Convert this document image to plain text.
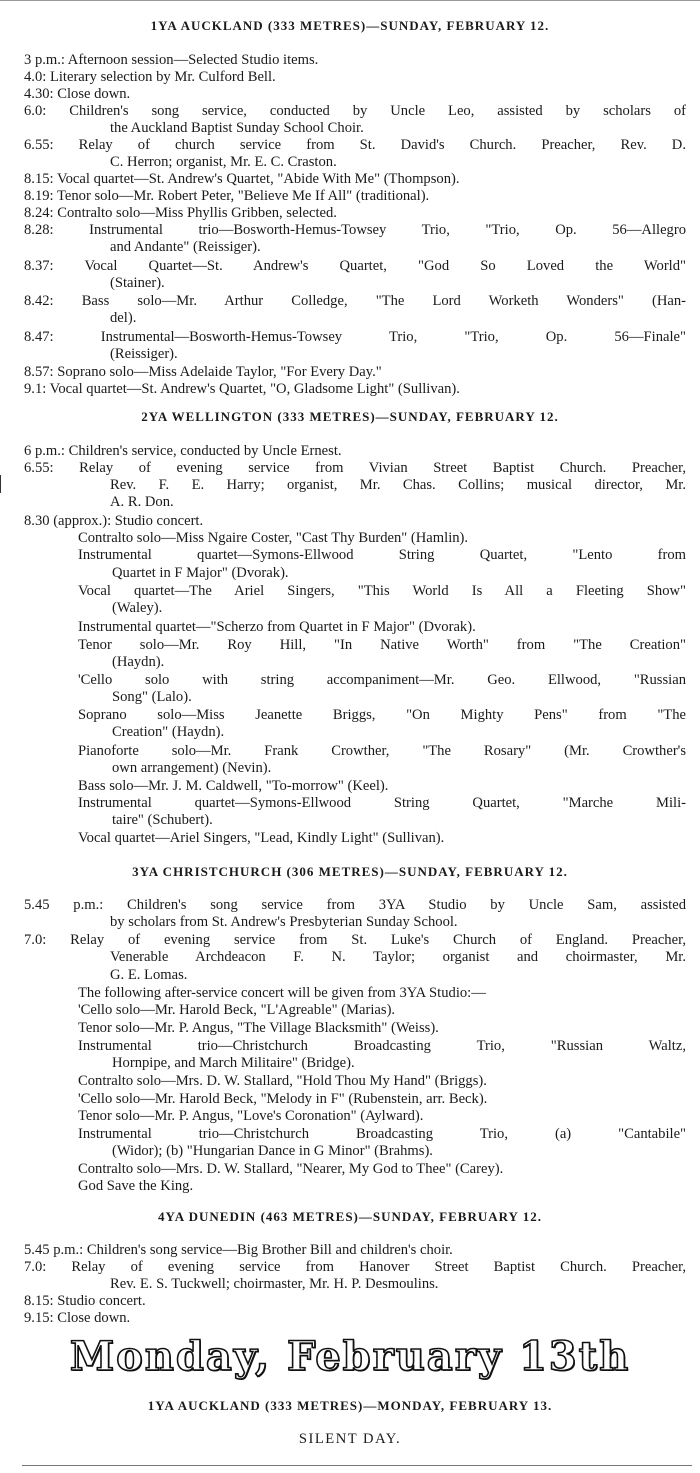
1YA AUCKLAND (333 METRES)—SUNDAY, FEBRUARY 12.
3 p.m.: Afternoon session—Selected Studio items.
4.0: Literary selection by Mr. Culford Bell.
4.30: Close down.
6.0: Children's song service, conducted by Uncle Leo, assisted by scholars of
the Auckland Baptist Sunday School Choir.
6.55: Relay of church service from St. David's Church. Preacher, Rev. D.
C. Herron; organist, Mr. E. C. Craston.
8.15: Vocal quartet—St. Andrew's Quartet, "Abide With Me" (Thompson).
8.19: Tenor solo—Mr. Robert Peter, "Believe Me If All" (traditional).
8.24: Contralto solo—Miss Phyllis Gribben, selected.
8.28: Instrumental trio—Bosworth-Hemus-Towsey Trio, "Trio, Op. 56—Allegro
and Andante" (Reissiger).
8.37: Vocal Quartet—St. Andrew's Quartet, "God So Loved the World"
(Stainer).
8.42: Bass solo—Mr. Arthur Colledge, "The Lord Worketh Wonders" (Han-
del).
8.47: Instrumental—Bosworth-Hemus-Towsey Trio, "Trio, Op. 56—Finale"
(Reissiger).
8.57: Soprano solo—Miss Adelaide Taylor, "For Every Day."
9.1: Vocal quartet—St. Andrew's Quartet, "O, Gladsome Light" (Sullivan).
2YA WELLINGTON (333 METRES)—SUNDAY, FEBRUARY 12.
6 p.m.: Children's service, conducted by Uncle Ernest.
6.55: Relay of evening service from Vivian Street Baptist Church. Preacher,
Rev. F. E. Harry; organist, Mr. Chas. Collins; musical director, Mr.
A. R. Don.
8.30 (approx.): Studio concert.
Contralto solo—Miss Ngaire Coster, "Cast Thy Burden" (Hamlin).
Instrumental quartet—Symons-Ellwood String Quartet, "Lento from
Quartet in F Major" (Dvorak).
Vocal quartet—The Ariel Singers, "This World Is All a Fleeting Show"
(Waley).
Instrumental quartet—"Scherzo from Quartet in F Major" (Dvorak).
Tenor solo—Mr. Roy Hill, "In Native Worth" from "The Creation"
(Haydn).
'Cello solo with string accompaniment—Mr. Geo. Ellwood, "Russian
Song" (Lalo).
Soprano solo—Miss Jeanette Briggs, "On Mighty Pens" from "The
Creation" (Haydn).
Pianoforte solo—Mr. Frank Crowther, "The Rosary" (Mr. Crowther's
own arrangement) (Nevin).
Bass solo—Mr. J. M. Caldwell, "To-morrow" (Keel).
Instrumental quartet—Symons-Ellwood String Quartet, "Marche Mili-
taire" (Schubert).
Vocal quartet—Ariel Singers, "Lead, Kindly Light" (Sullivan).
3YA CHRISTCHURCH (306 METRES)—SUNDAY, FEBRUARY 12.
5.45 p.m.: Children's song service from 3YA Studio by Uncle Sam, assisted
by scholars from St. Andrew's Presbyterian Sunday School.
7.0: Relay of evening service from St. Luke's Church of England. Preacher,
Venerable Archdeacon F. N. Taylor; organist and choirmaster, Mr.
G. E. Lomas.
The following after-service concert will be given from 3YA Studio:—
'Cello solo—Mr. Harold Beck, "L'Agreable" (Marias).
Tenor solo—Mr. P. Angus, "The Village Blacksmith" (Weiss).
Instrumental trio—Christchurch Broadcasting Trio, "Russian Waltz,
Hornpipe, and March Militaire" (Bridge).
Contralto solo—Mrs. D. W. Stallard, "Hold Thou My Hand" (Briggs).
'Cello solo—Mr. Harold Beck, "Melody in F" (Rubenstein, arr. Beck).
Tenor solo—Mr. P. Angus, "Love's Coronation" (Aylward).
Instrumental trio—Christchurch Broadcasting Trio, (a) "Cantabile"
(Widor); (b) "Hungarian Dance in G Minor" (Brahms).
Contralto solo—Mrs. D. W. Stallard, "Nearer, My God to Thee" (Carey).
God Save the King.
4YA DUNEDIN (463 METRES)—SUNDAY, FEBRUARY 12.
5.45 p.m.: Children's song service—Big Brother Bill and children's choir.
7.0: Relay of evening service from Hanover Street Baptist Church. Preacher,
Rev. E. S. Tuckwell; choirmaster, Mr. H. P. Desmoulins.
8.15: Studio concert.
9.15: Close down.
Monday, February 13th
1YA AUCKLAND (333 METRES)—MONDAY, FEBRUARY 13.
SILENT DAY.
